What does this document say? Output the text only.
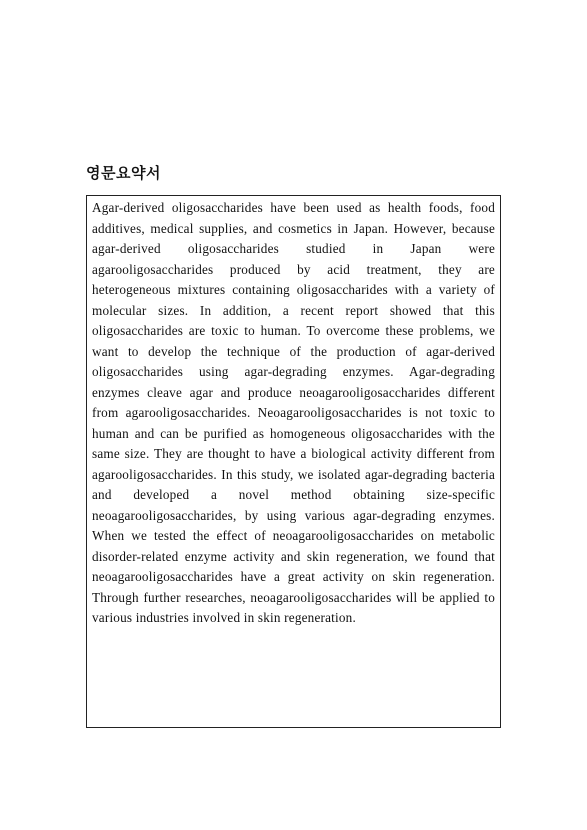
영문요약서

Agar-derived oligosaccharides have been used as health foods, food additives, medical supplies, and cosmetics in Japan. However, because agar-derived oligosaccharides studied in Japan were agarooligosaccharides produced by acid treatment, they are heterogeneous mixtures containing oligosaccharides with a variety of molecular sizes. In addition, a recent report showed that this oligosaccharides are toxic to human. To overcome these problems, we want to develop the technique of the production of agar-derived oligosaccharides using agar-degrading enzymes. Agar-degrading enzymes cleave agar and produce neoagarooligosaccharides different from agarooligosaccharides. Neoagarooligosaccharides is not toxic to human and can be purified as homogeneous oligosaccharides with the same size. They are thought to have a biological activity different from agarooligosaccharides. In this study, we isolated agar-degrading bacteria and developed a novel method obtaining size-specific neoagarooligosaccharides, by using various agar-degrading enzymes. When we tested the effect of neoagarooligosaccharides on metabolic disorder-related enzyme activity and skin regeneration, we found that neoagarooligosaccharides have a great activity on skin regeneration. Through further researches, neoagarooligosaccharides will be applied to various industries involved in skin regeneration.
